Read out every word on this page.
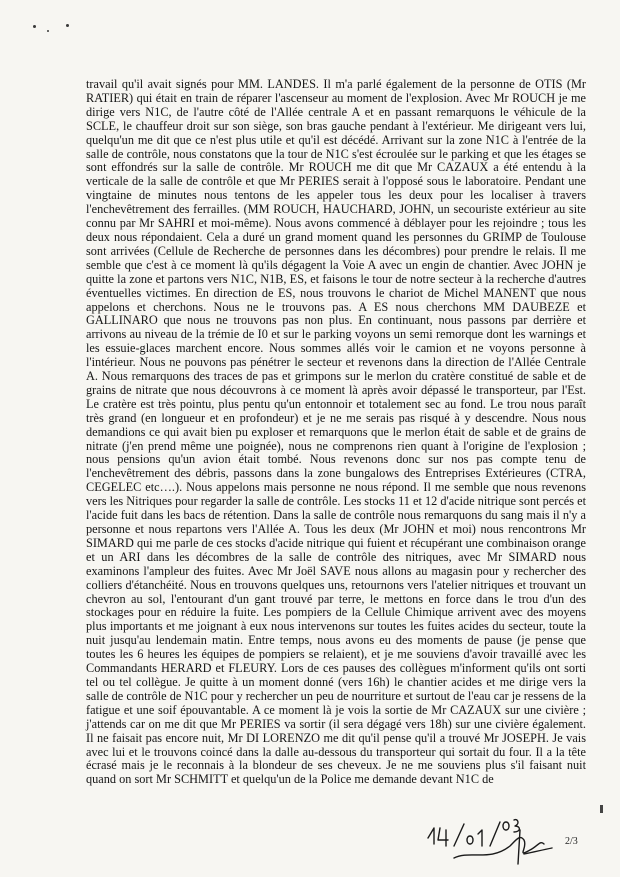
travail qu'il avait signés pour MM. LANDES. Il m'a parlé également de la personne de OTIS (Mr RATIER) qui était en train de réparer l'ascenseur au moment de l'explosion. Avec Mr ROUCH je me dirige vers N1C, de l'autre côté de l'Allée centrale A et en passant remarquons le véhicule de la SCLE, le chauffeur droit sur son siège, son bras gauche pendant à l'extérieur. Me dirigeant vers lui, quelqu'un me dit que ce n'est plus utile et qu'il est décédé. Arrivant sur la zone N1C à l'entrée de la salle de contrôle, nous constatons que la tour de N1C s'est écroulée sur le parking et que les étages se sont effondrés sur la salle de contrôle. Mr ROUCH me dit que Mr CAZAUX a été entendu à la verticale de la salle de contrôle et que Mr PERIES serait à l'opposé sous le laboratoire. Pendant une vingtaine de minutes nous tentons de les appeler tous les deux pour les localiser à travers l'enchevêtrement des ferrailles. (MM ROUCH, HAUCHARD, JOHN, un secouriste extérieur au site connu par Mr SAHRI et moi-même). Nous avons commencé à déblayer pour les rejoindre ; tous les deux nous répondaient. Cela a duré un grand moment quand les personnes du GRIMP de Toulouse sont arrivées (Cellule de Recherche de personnes dans les décombres) pour prendre le relais. Il me semble que c'est à ce moment là qu'ils dégagent la Voie A avec un engin de chantier. Avec JOHN je quitte la zone et partons vers N1C, N1B, ES, et faisons le tour de notre secteur à la recherche d'autres éventuelles victimes. En direction de ES, nous trouvons le chariot de Michel MANENT que nous appelons et cherchons. Nous ne le trouvons pas. A ES nous cherchons MM DAUBEZE et GALLINARO que nous ne trouvons pas non plus. En continuant, nous passons par derrière et arrivons au niveau de la trémie de I0 et sur le parking voyons un semi remorque dont les warnings et les essuie-glaces marchent encore. Nous sommes allés voir le camion et ne voyons personne à l'intérieur. Nous ne pouvons pas pénétrer le secteur et revenons dans la direction de l'Allée Centrale A. Nous remarquons des traces de pas et grimpons sur le merlon du cratère constitué de sable et de grains de nitrate que nous découvrons à ce moment là après avoir dépassé le transporteur, par l'Est. Le cratère est très pointu, plus pentu qu'un entonnoir et totalement sec au fond. Le trou nous paraît très grand (en longueur et en profondeur) et je ne me serais pas risqué à y descendre. Nous nous demandions ce qui avait bien pu exploser et remarquons que le merlon était de sable et de grains de nitrate (j'en prend même une poignée), nous ne comprenons rien quant à l'origine de l'explosion ; nous pensions qu'un avion était tombé. Nous revenons donc sur nos pas compte tenu de l'enchevêtrement des débris, passons dans la zone bungalows des Entreprises Extérieures (CTRA, CEGELEC etc….). Nous appelons mais personne ne nous répond. Il me semble que nous revenons vers les Nitriques pour regarder la salle de contrôle. Les stocks 11 et 12 d'acide nitrique sont percés et l'acide fuit dans les bacs de rétention. Dans la salle de contrôle nous remarquons du sang mais il n'y a personne et nous repartons vers l'Allée A. Tous les deux (Mr JOHN et moi) nous rencontrons Mr SIMARD qui me parle de ces stocks d'acide nitrique qui fuient et récupérant une combinaison orange et un ARI dans les décombres de la salle de contrôle des nitriques, avec Mr SIMARD nous examinons l'ampleur des fuites. Avec Mr Joël SAVE nous allons au magasin pour y rechercher des colliers d'étanchéité. Nous en trouvons quelques uns, retournons vers l'atelier nitriques et trouvant un chevron au sol, l'entourant d'un gant trouvé par terre, le mettons en force dans le trou d'un des stockages pour en réduire la fuite. Les pompiers de la Cellule Chimique arrivent avec des moyens plus importants et me joignant à eux nous intervenons sur toutes les fuites acides du secteur, toute la nuit jusqu'au lendemain matin. Entre temps, nous avons eu des moments de pause (je pense que toutes les 6 heures les équipes de pompiers se relaient), et je me souviens d'avoir travaillé avec les Commandants HERARD et FLEURY. Lors de ces pauses des collègues m'informent qu'ils ont sorti tel ou tel collègue. Je quitte à un moment donné (vers 16h) le chantier acides et me dirige vers la salle de contrôle de N1C pour y rechercher un peu de nourriture et surtout de l'eau car je ressens de la fatigue et une soif épouvantable. A ce moment là je vois la sortie de Mr CAZAUX sur une civière ; j'attends car on me dit que Mr PERIES va sortir (il sera dégagé vers 18h) sur une civière également. Il ne faisait pas encore nuit, Mr DI LORENZO me dit qu'il pense qu'il a trouvé Mr JOSEPH. Je vais avec lui et le trouvons coincé dans la dalle au-dessous du transporteur qui sortait du four. Il a la tête écrasé mais je le reconnais à la blondeur de ses cheveux. Je ne me souviens plus s'il faisant nuit quand on sort Mr SCHMITT et quelqu'un de la Police me demande devant N1C de

2/3
